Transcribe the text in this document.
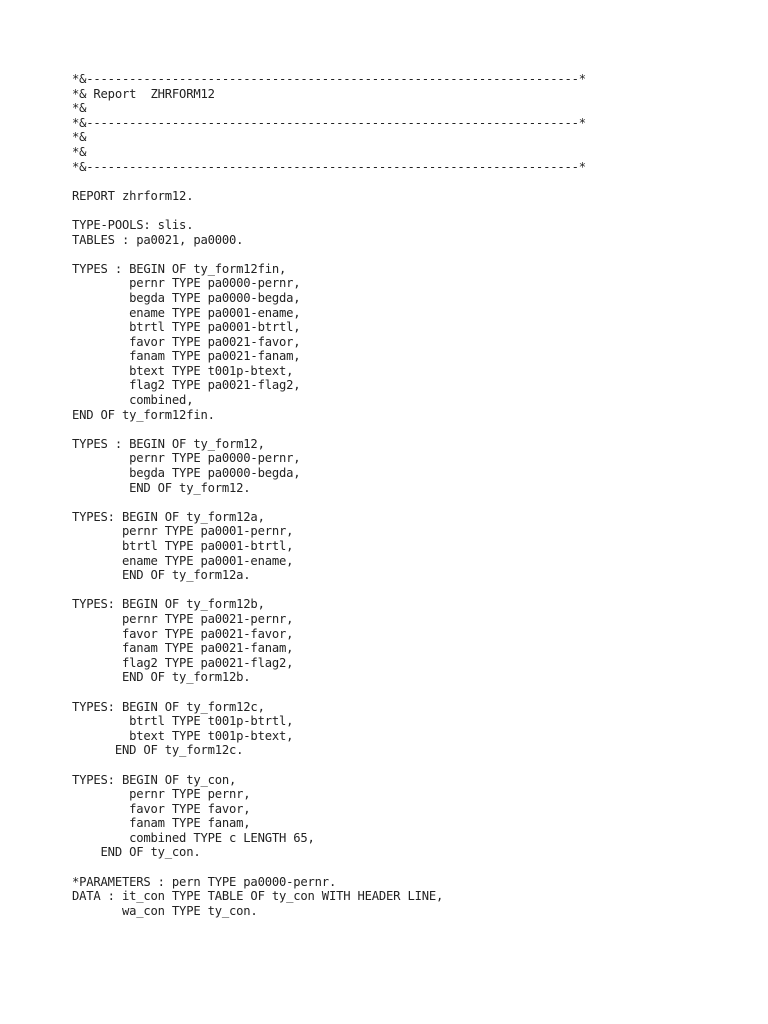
*&---------------------------------------------------------------------*
*& Report  ZHRFORM12
*&
*&---------------------------------------------------------------------*
*&
*&
*&---------------------------------------------------------------------*
REPORT zhrform12.
TYPE-POOLS: slis.
TABLES : pa0021, pa0000.
TYPES : BEGIN OF ty_form12fin,
pernr TYPE pa0000-pernr,
begda TYPE pa0000-begda,
ename TYPE pa0001-ename,
btrtl TYPE pa0001-btrtl,
favor TYPE pa0021-favor,
fanam TYPE pa0021-fanam,
btext TYPE t001p-btext,
flag2 TYPE pa0021-flag2,
combined,
END OF ty_form12fin.
TYPES : BEGIN OF ty_form12,
pernr TYPE pa0000-pernr,
begda TYPE pa0000-begda,
END OF ty_form12.
TYPES: BEGIN OF ty_form12a,
pernr TYPE pa0001-pernr,
btrtl TYPE pa0001-btrtl,
ename TYPE pa0001-ename,
END OF ty_form12a.
TYPES: BEGIN OF ty_form12b,
pernr TYPE pa0021-pernr,
favor TYPE pa0021-favor,
fanam TYPE pa0021-fanam,
flag2 TYPE pa0021-flag2,
END OF ty_form12b.
TYPES: BEGIN OF ty_form12c,
btrtl TYPE t001p-btrtl,
btext TYPE t001p-btext,
END OF ty_form12c.
TYPES: BEGIN OF ty_con,
pernr TYPE pernr,
favor TYPE favor,
fanam TYPE fanam,
combined TYPE c LENGTH 65,
END OF ty_con.
*PARAMETERS : pern TYPE pa0000-pernr.
DATA : it_con TYPE TABLE OF ty_con WITH HEADER LINE,
wa_con TYPE ty_con.
